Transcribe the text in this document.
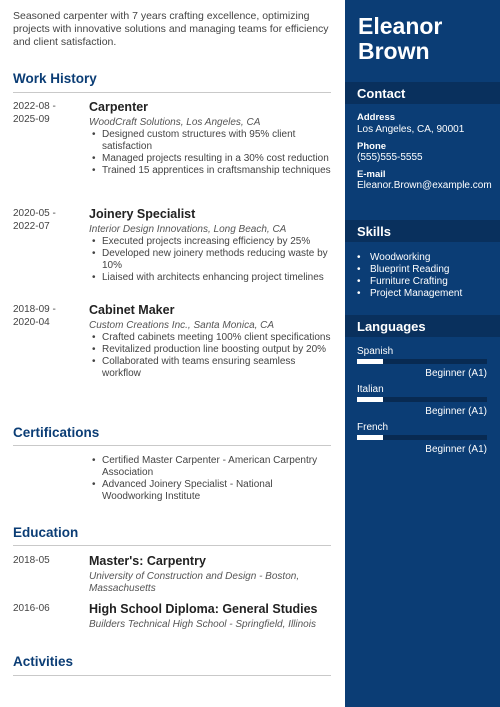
Seasoned carpenter with 7 years crafting excellence, optimizing projects with innovative solutions and managing teams for efficiency and client satisfaction.

Work History
2022-08 -
2025-09
Carpenter
WoodCraft Solutions, Los Angeles, CA
• Designed custom structures with 95% client satisfaction
• Managed projects resulting in a 30% cost reduction
• Trained 15 apprentices in craftsmanship techniques
2020-05 -
2022-07
Joinery Specialist
Interior Design Innovations, Long Beach, CA
• Executed projects increasing efficiency by 25%
• Developed new joinery methods reducing waste by 10%
• Liaised with architects enhancing project timelines
2018-09 -
2020-04
Cabinet Maker
Custom Creations Inc., Santa Monica, CA
• Crafted cabinets meeting 100% client specifications
• Revitalized production line boosting output by 20%
• Collaborated with teams ensuring seamless workflow
Certifications
• Certified Master Carpenter - American Carpentry Association
• Advanced Joinery Specialist - National Woodworking Institute
Education
2018-05	Master's: Carpentry
University of Construction and Design - Boston, Massachusetts
2016-06	High School Diploma: General Studies
Builders Technical High School - Springfield, Illinois
Activities
Eleanor
Brown
Contact
Address
Los Angeles, CA, 90001
Phone
(555)555-5555
E-mail
Eleanor.Brown@example.com
Skills
• Woodworking
• Blueprint Reading
• Furniture Crafting
• Project Management
Languages
Spanish
Beginner (A1)
Italian
Beginner (A1)
French
Beginner (A1)
